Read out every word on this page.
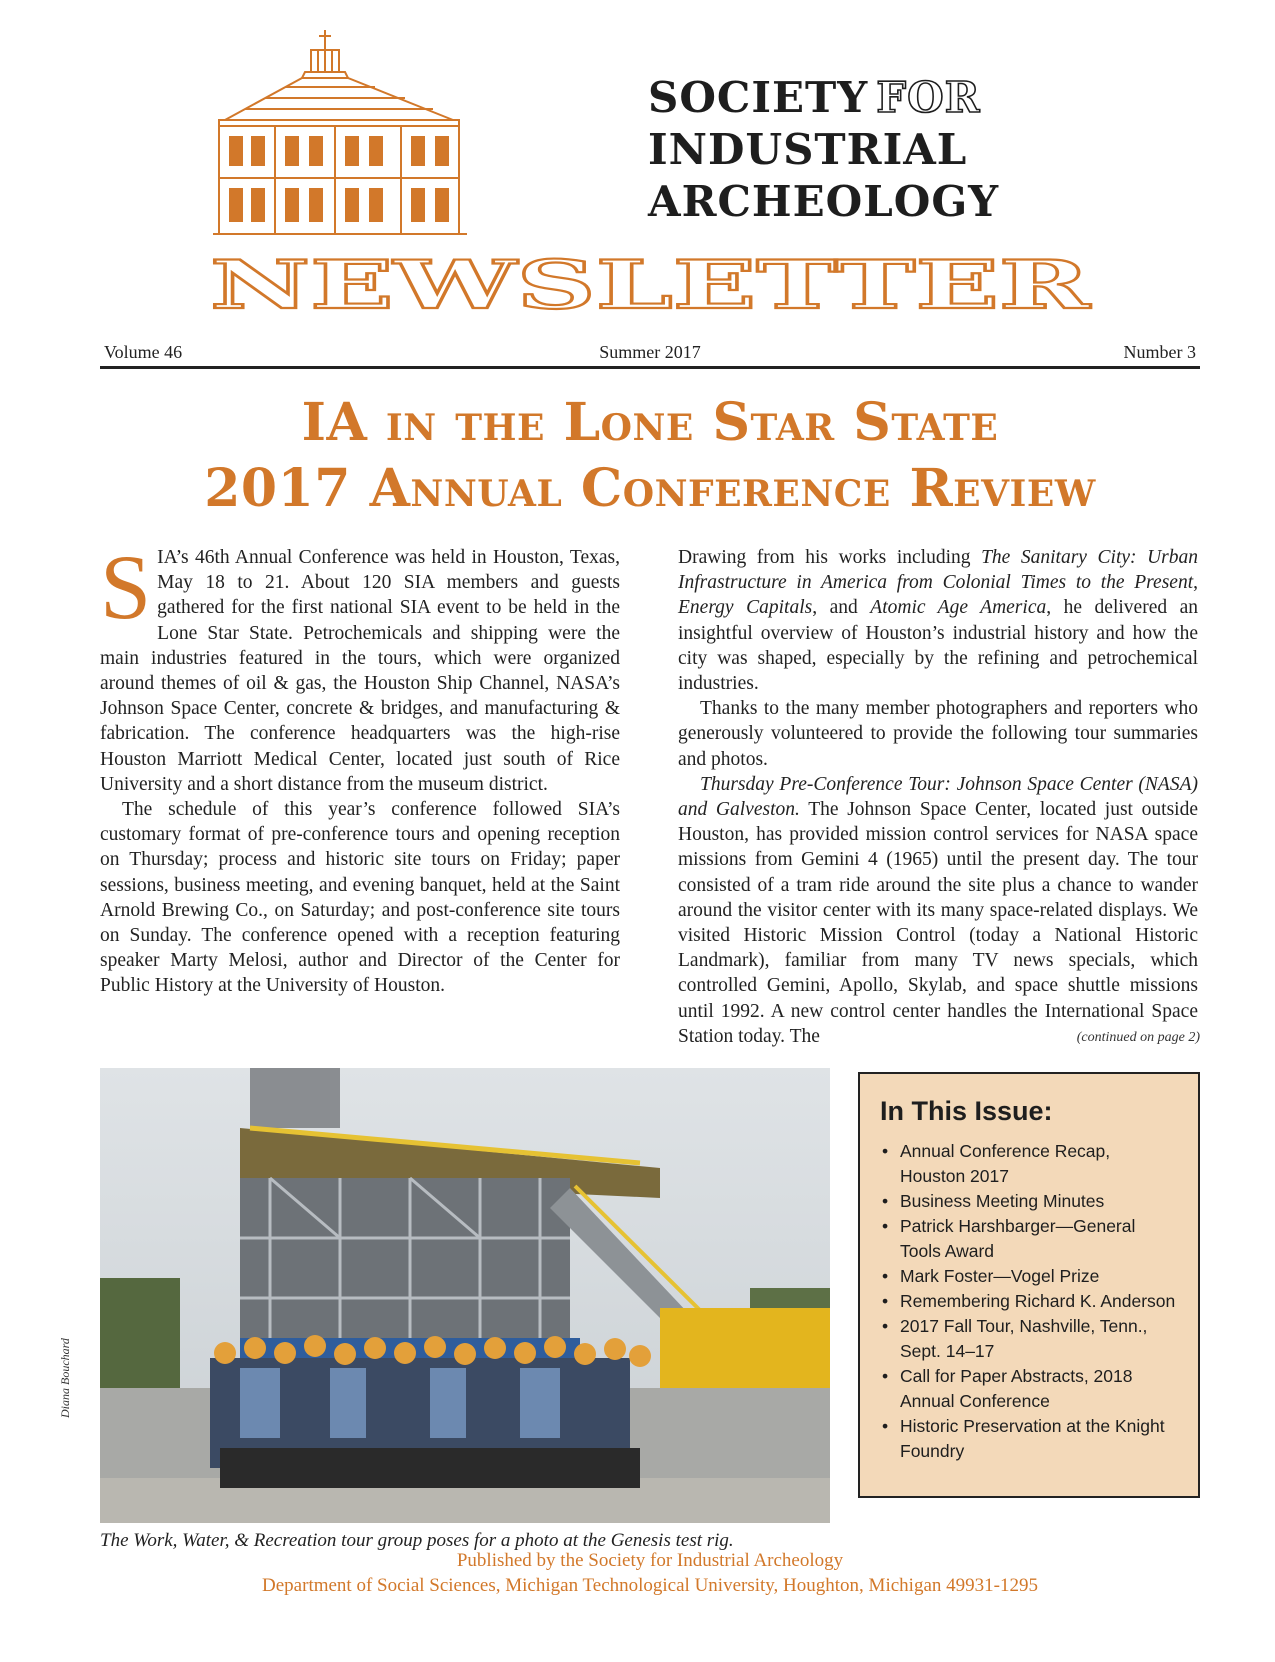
SOCIETY FOR
INDUSTRIAL
ARCHEOLOGY
NEWSLETTER
Summer 2017
Volume 46	Number 3
IA in the Lone Star State
2017 Annual Conference Review

SIA’s 46th Annual Conference was held in Houston, Texas, May 18 to 21. About 120 SIA members and guests gathered for the first national SIA event to be held in the Lone Star State. Petrochemicals and shipping were the main industries featured in the tours, which were organized around themes of oil & gas, the Houston Ship Channel, NASA’s Johnson Space Center, concrete & bridges, and manufacturing & fabrication. The conference headquarters was the high-rise Houston Marriott Medical Center, located just south of Rice University and a short distance from the museum district.

The schedule of this year’s conference followed SIA’s customary format of pre-conference tours and opening reception on Thursday; process and historic site tours on Friday; paper sessions, business meeting, and evening banquet, held at the Saint Arnold Brewing Co., on Saturday; and post-conference site tours on Sunday. The conference opened with a reception featuring speaker Marty Melosi, author and Director of the Center for Public History at the University of Houston.

Drawing from his works including The Sanitary City: Urban Infrastructure in America from Colonial Times to the Present, Energy Capitals, and Atomic Age America, he delivered an insightful overview of Houston’s industrial history and how the city was shaped, especially by the refining and petrochemical industries.

Thanks to the many member photographers and reporters who generously volunteered to provide the following tour summaries and photos.

Thursday Pre-Conference Tour: Johnson Space Center (NASA) and Galveston. The Johnson Space Center, located just outside Houston, has provided mission control services for NASA space missions from Gemini 4 (1965) until the present day. The tour consisted of a tram ride around the site plus a chance to wander around the visitor center with its many space-related displays. We visited Historic Mission Control (today a National Historic Landmark), familiar from many TV news specials, which controlled Gemini, Apollo, Skylab, and space shuttle missions until 1992. A new control center handles the International Space Station today. The	(continued on page 2)
Diana Bouchard
The Work, Water, & Recreation tour group poses for a photo at the Genesis test rig.
In This Issue:
• Annual Conference Recap, Houston 2017
• Business Meeting Minutes
• Patrick Harshbarger—General Tools Award
• Mark Foster—Vogel Prize
• Remembering Richard K. Anderson
• 2017 Fall Tour, Nashville, Tenn., Sept. 14–17
• Call for Paper Abstracts, 2018 Annual Conference
• Historic Preservation at the Knight Foundry
Published by the Society for Industrial Archeology
Department of Social Sciences, Michigan Technological University, Houghton, Michigan 49931-1295
